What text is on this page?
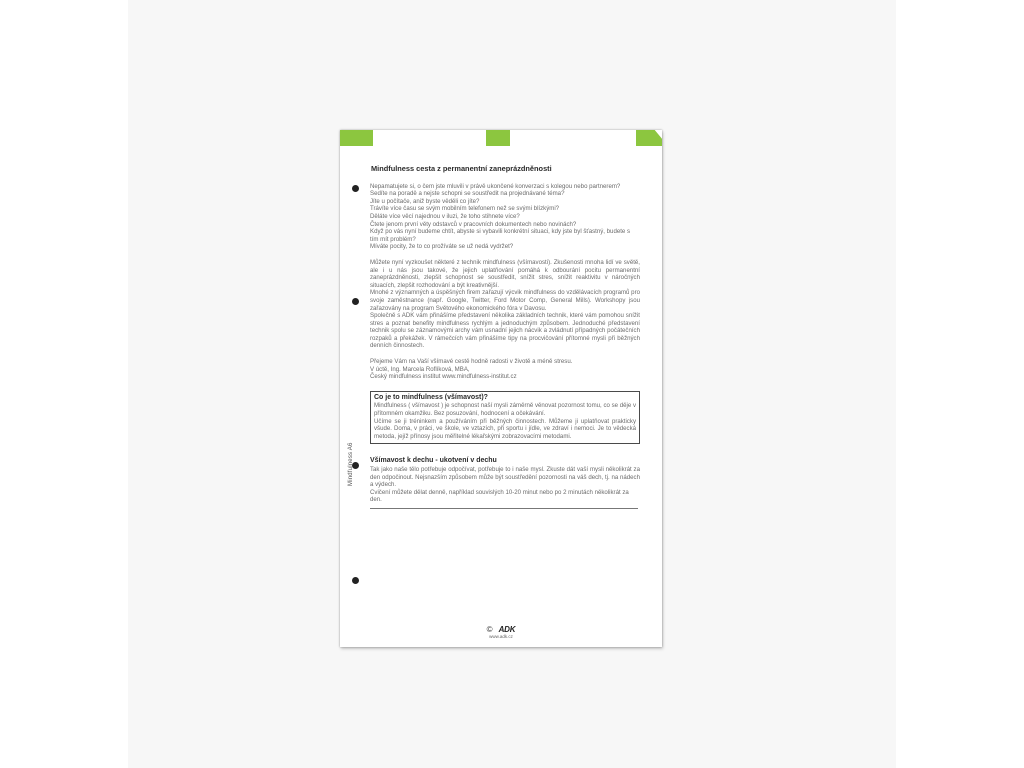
Mindfulness A6
Mindfulness cesta z permanentní zaneprázdněnosti

Nepamatujete si, o čem jste mluvili v právě ukončené konverzaci s kolegou nebo partnerem?

Sedíte na poradě a nejste schopni se soustředit na projednávané téma?

Jíte u počítače, aniž byste věděli co jíte?

Trávíte více času se svým mobilním telefonem než se svými blízkými?

Děláte více věcí najednou v iluzi, že toho stihnete více?

Čtete jenom první věty odstavců v pracovních dokumentech nebo novinách?

Když po vás nyní budeme chtít, abyste si vybavili konkrétní situaci, kdy jste byl šťastný, budete s tím mít problém?

Míváte pocity, že to co prožíváte se už nedá vydržet?

Můžete nyní vyzkoušet některé z technik mindfulness (všímavosti). Zkušenosti mnoha lidí ve světě, ale i u nás jsou takové, že jejich uplatňování pomáhá k odbourání pocitu permanentní zaneprázdněnosti, zlepšit schopnost se soustředit, snížit stres, snížit reaktivitu v náročných situacích, zlepšit rozhodování a být kreativnější.

Mnohé z významných a úspěšných firem zařazují výcvik mindfulness do vzdělávacích programů pro svoje zaměstnance (např. Google, Twitter, Ford Motor Comp, General Mills). Workshopy jsou zařazovány na program Světového ekonomického fóra v Davosu.

Společně s ADK vám přinášíme představení několika základních technik, které vám pomohou snížit stres a poznat benefity mindfulness rychlým a jednoduchým způsobem. Jednoduché představení technik spolu se záznamovými archy vám usnadní jejich nácvik a zvládnutí případných počátečních rozpaků a překážek. V rámečcích vám přinášíme tipy na procvičování přítomné mysli při běžných denních činnostech.

Přejeme Vám na Vaší všímavé cestě hodně radosti v životě a méně stresu.

V úctě, Ing. Marcela Roflíková, MBA,

Český mindfulness institut www.mindfulness-institut.cz

Co je to mindfulness (všímavost)?

Mindfulness ( všímavost ) je schopnost naší mysli záměrně věnovat pozornost tomu, co se děje v přítomném okamžiku. Bez posuzování, hodnocení a očekávání.

Učíme se ji tréninkem a používáním při běžných činnostech. Můžeme ji uplatňovat prakticky všude. Doma, v práci, ve škole, ve vztazích, při sportu i jídle, ve zdraví i nemoci. Je to vědecká metoda, jejíž přínosy jsou měřitelné lékařskými zobrazovacími metodami.

Všímavost k dechu - ukotvení v dechu

Tak jako naše tělo potřebuje odpočívat, potřebuje to i naše mysl. Zkuste dát vaší mysli několikrát za den odpočinout. Nejsnazším způsobem může být soustředění pozornosti na váš dech, tj. na nádech a výdech.

Cvičení můžete dělat denně, například souvislých 10-20 minut nebo po 2 minutách několikrát za den.

© ADK
www.adk.cz
